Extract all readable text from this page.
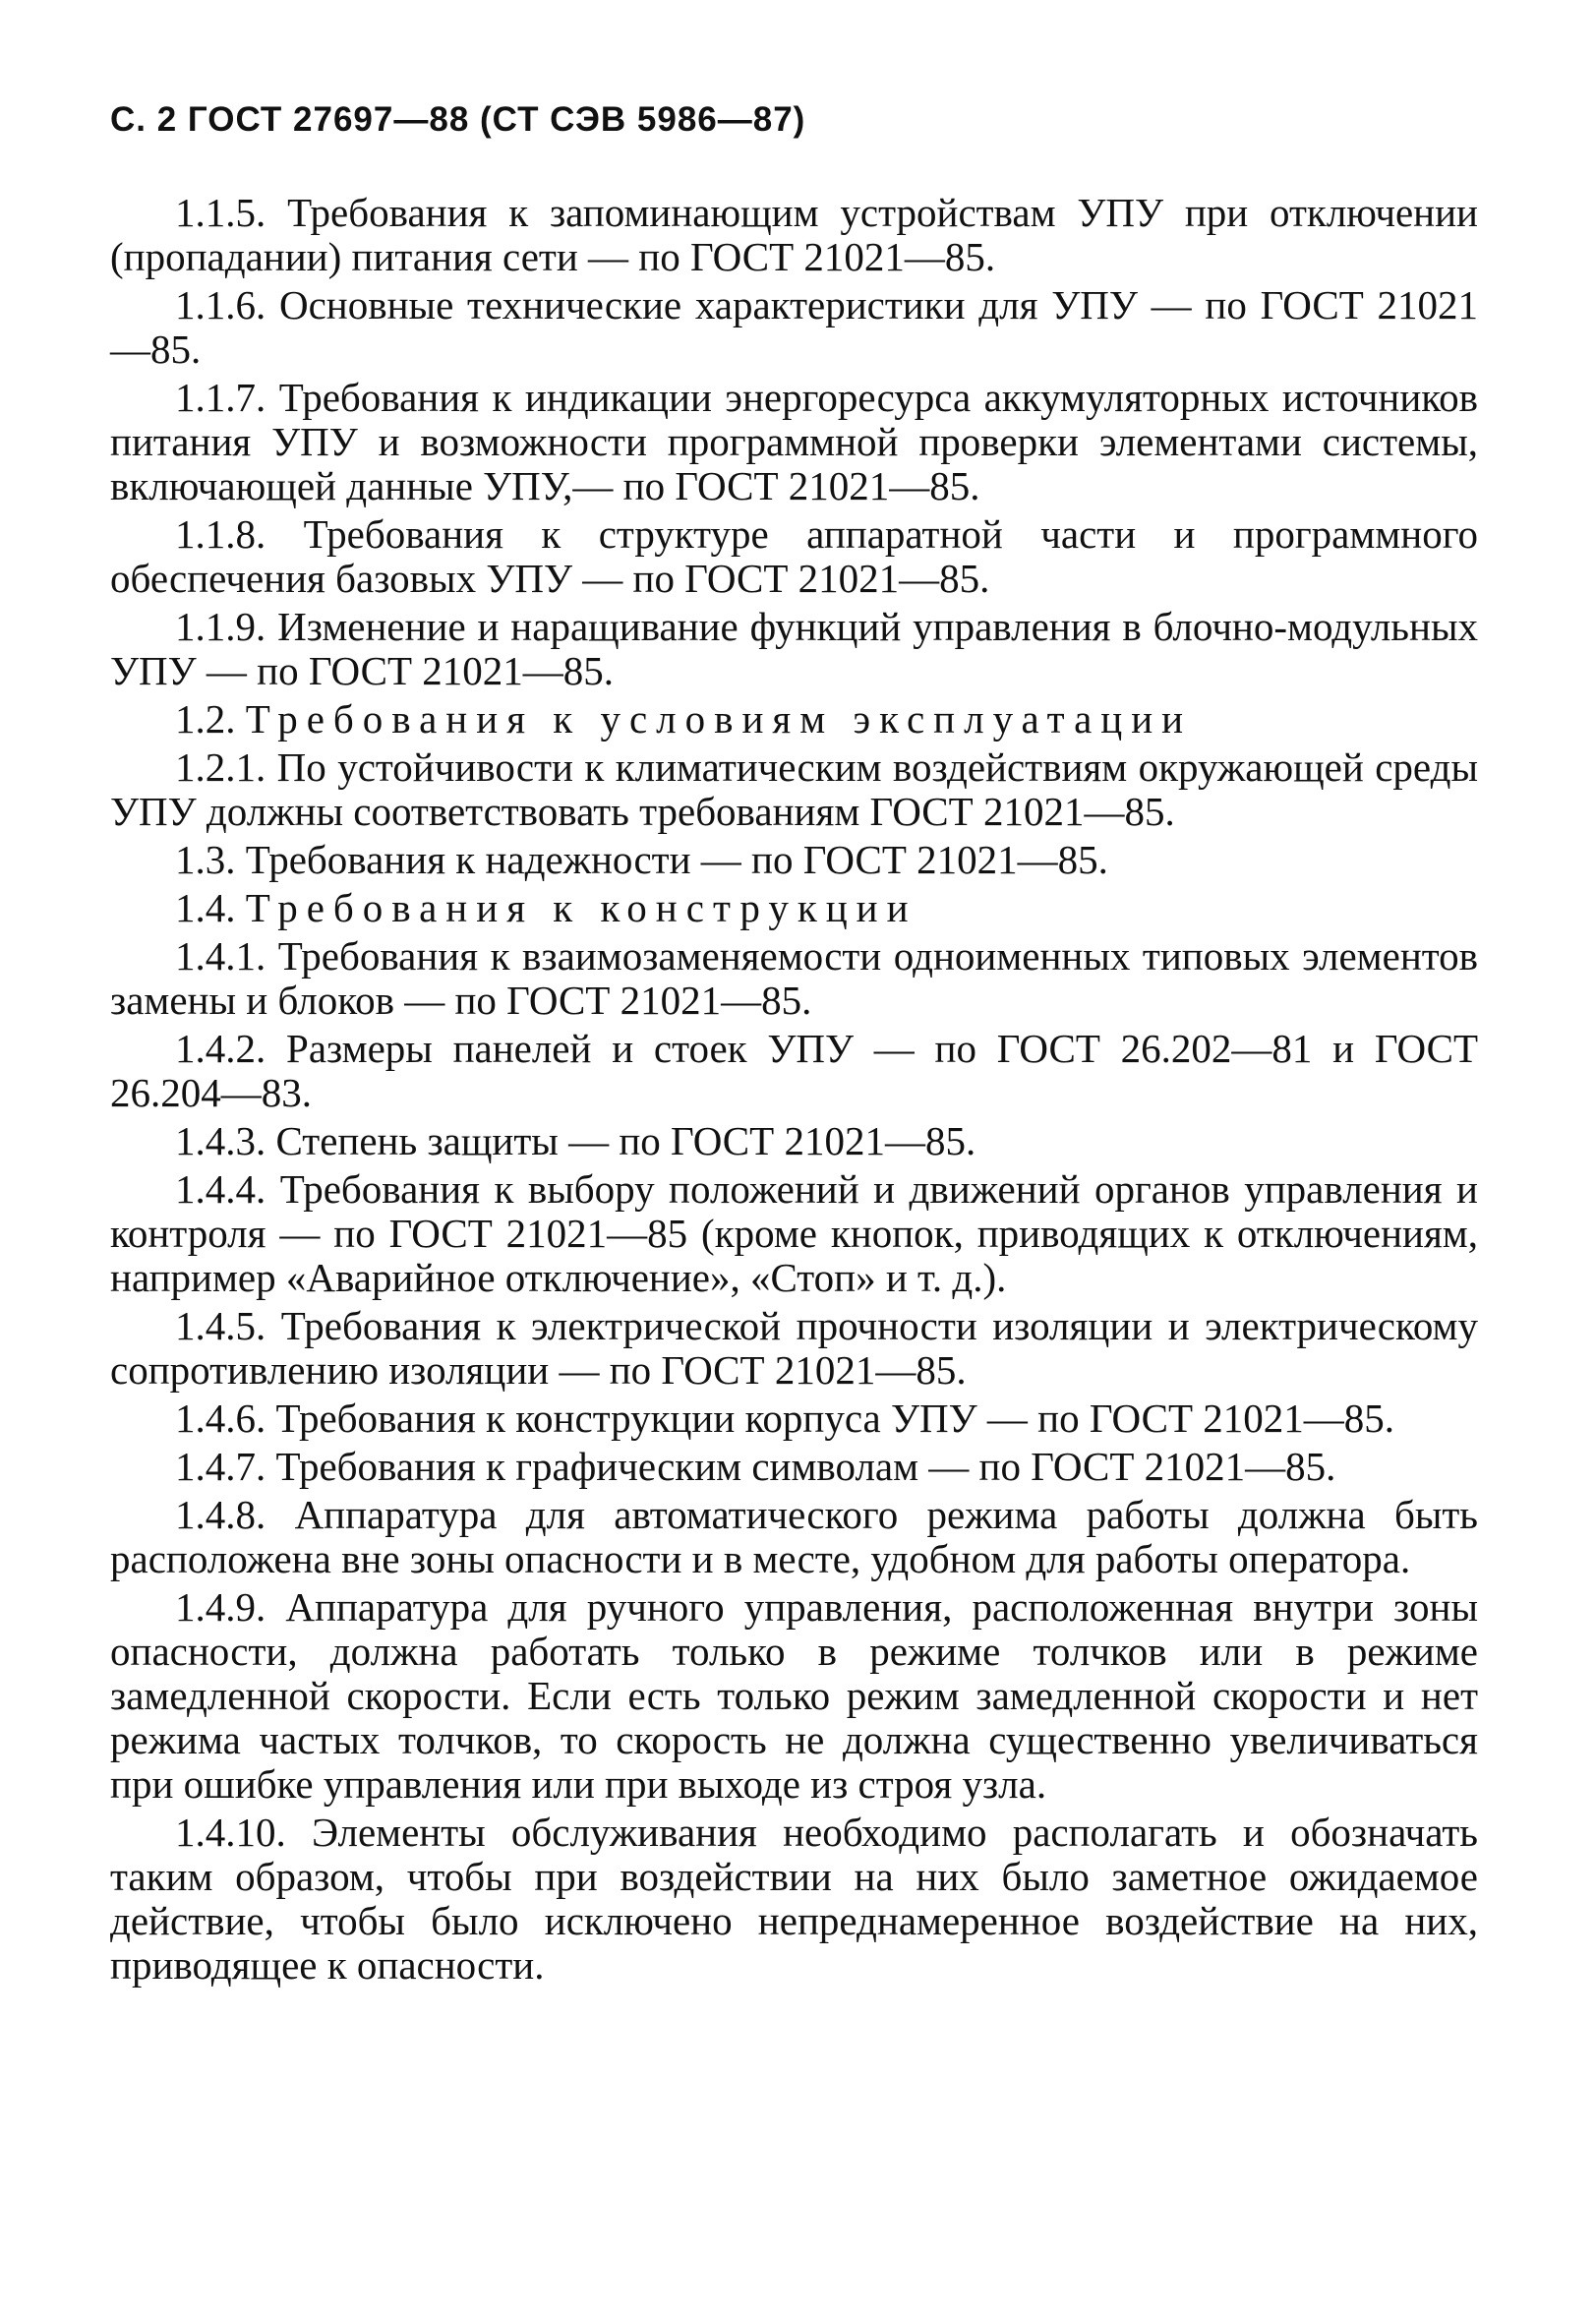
С. 2 ГОСТ 27697—88 (СТ СЭВ 5986—87)

1.1.5. Требования к запоминающим устройствам УПУ при отключении (пропадании) питания сети — по ГОСТ 21021—85.

1.1.6. Основные технические характеристики для УПУ — по ГОСТ 21021—85.

1.1.7. Требования к индикации энергоресурса аккумуляторных источников питания УПУ и возможности программной проверки элементами системы, включающей данные УПУ,— по ГОСТ 21021—85.

1.1.8. Требования к структуре аппаратной части и программного обеспечения базовых УПУ — по ГОСТ 21021—85.

1.1.9. Изменение и наращивание функций управления в блочно-модульных УПУ — по ГОСТ 21021—85.

1.2. Требования к условиям эксплуатации

1.2.1. По устойчивости к климатическим воздействиям окружающей среды УПУ должны соответствовать требованиям ГОСТ 21021—85.

1.3. Требования к надежности — по ГОСТ 21021—85.

1.4. Требования к конструкции

1.4.1. Требования к взаимозаменяемости одноименных типовых элементов замены и блоков — по ГОСТ 21021—85.

1.4.2. Размеры панелей и стоек УПУ — по ГОСТ 26.202—81 и ГОСТ 26.204—83.

1.4.3. Степень защиты — по ГОСТ 21021—85.

1.4.4. Требования к выбору положений и движений органов управления и контроля — по ГОСТ 21021—85 (кроме кнопок, приводящих к отключениям, например «Аварийное отключение», «Стоп» и т. д.).

1.4.5. Требования к электрической прочности изоляции и электрическому сопротивлению изоляции — по ГОСТ 21021—85.

1.4.6. Требования к конструкции корпуса УПУ — по ГОСТ 21021—85.

1.4.7. Требования к графическим символам — по ГОСТ 21021—85.

1.4.8. Аппаратура для автоматического режима работы должна быть расположена вне зоны опасности и в месте, удобном для работы оператора.

1.4.9. Аппаратура для ручного управления, расположенная внутри зоны опасности, должна работать только в режиме толчков или в режиме замедленной скорости. Если есть только режим замедленной скорости и нет режима частых толчков, то скорость не должна существенно увеличиваться при ошибке управления или при выходе из строя узла.

1.4.10. Элементы обслуживания необходимо располагать и обозначать таким образом, чтобы при воздействии на них было заметное ожидаемое действие, чтобы было исключено непреднамеренное воздействие на них, приводящее к опасности.
